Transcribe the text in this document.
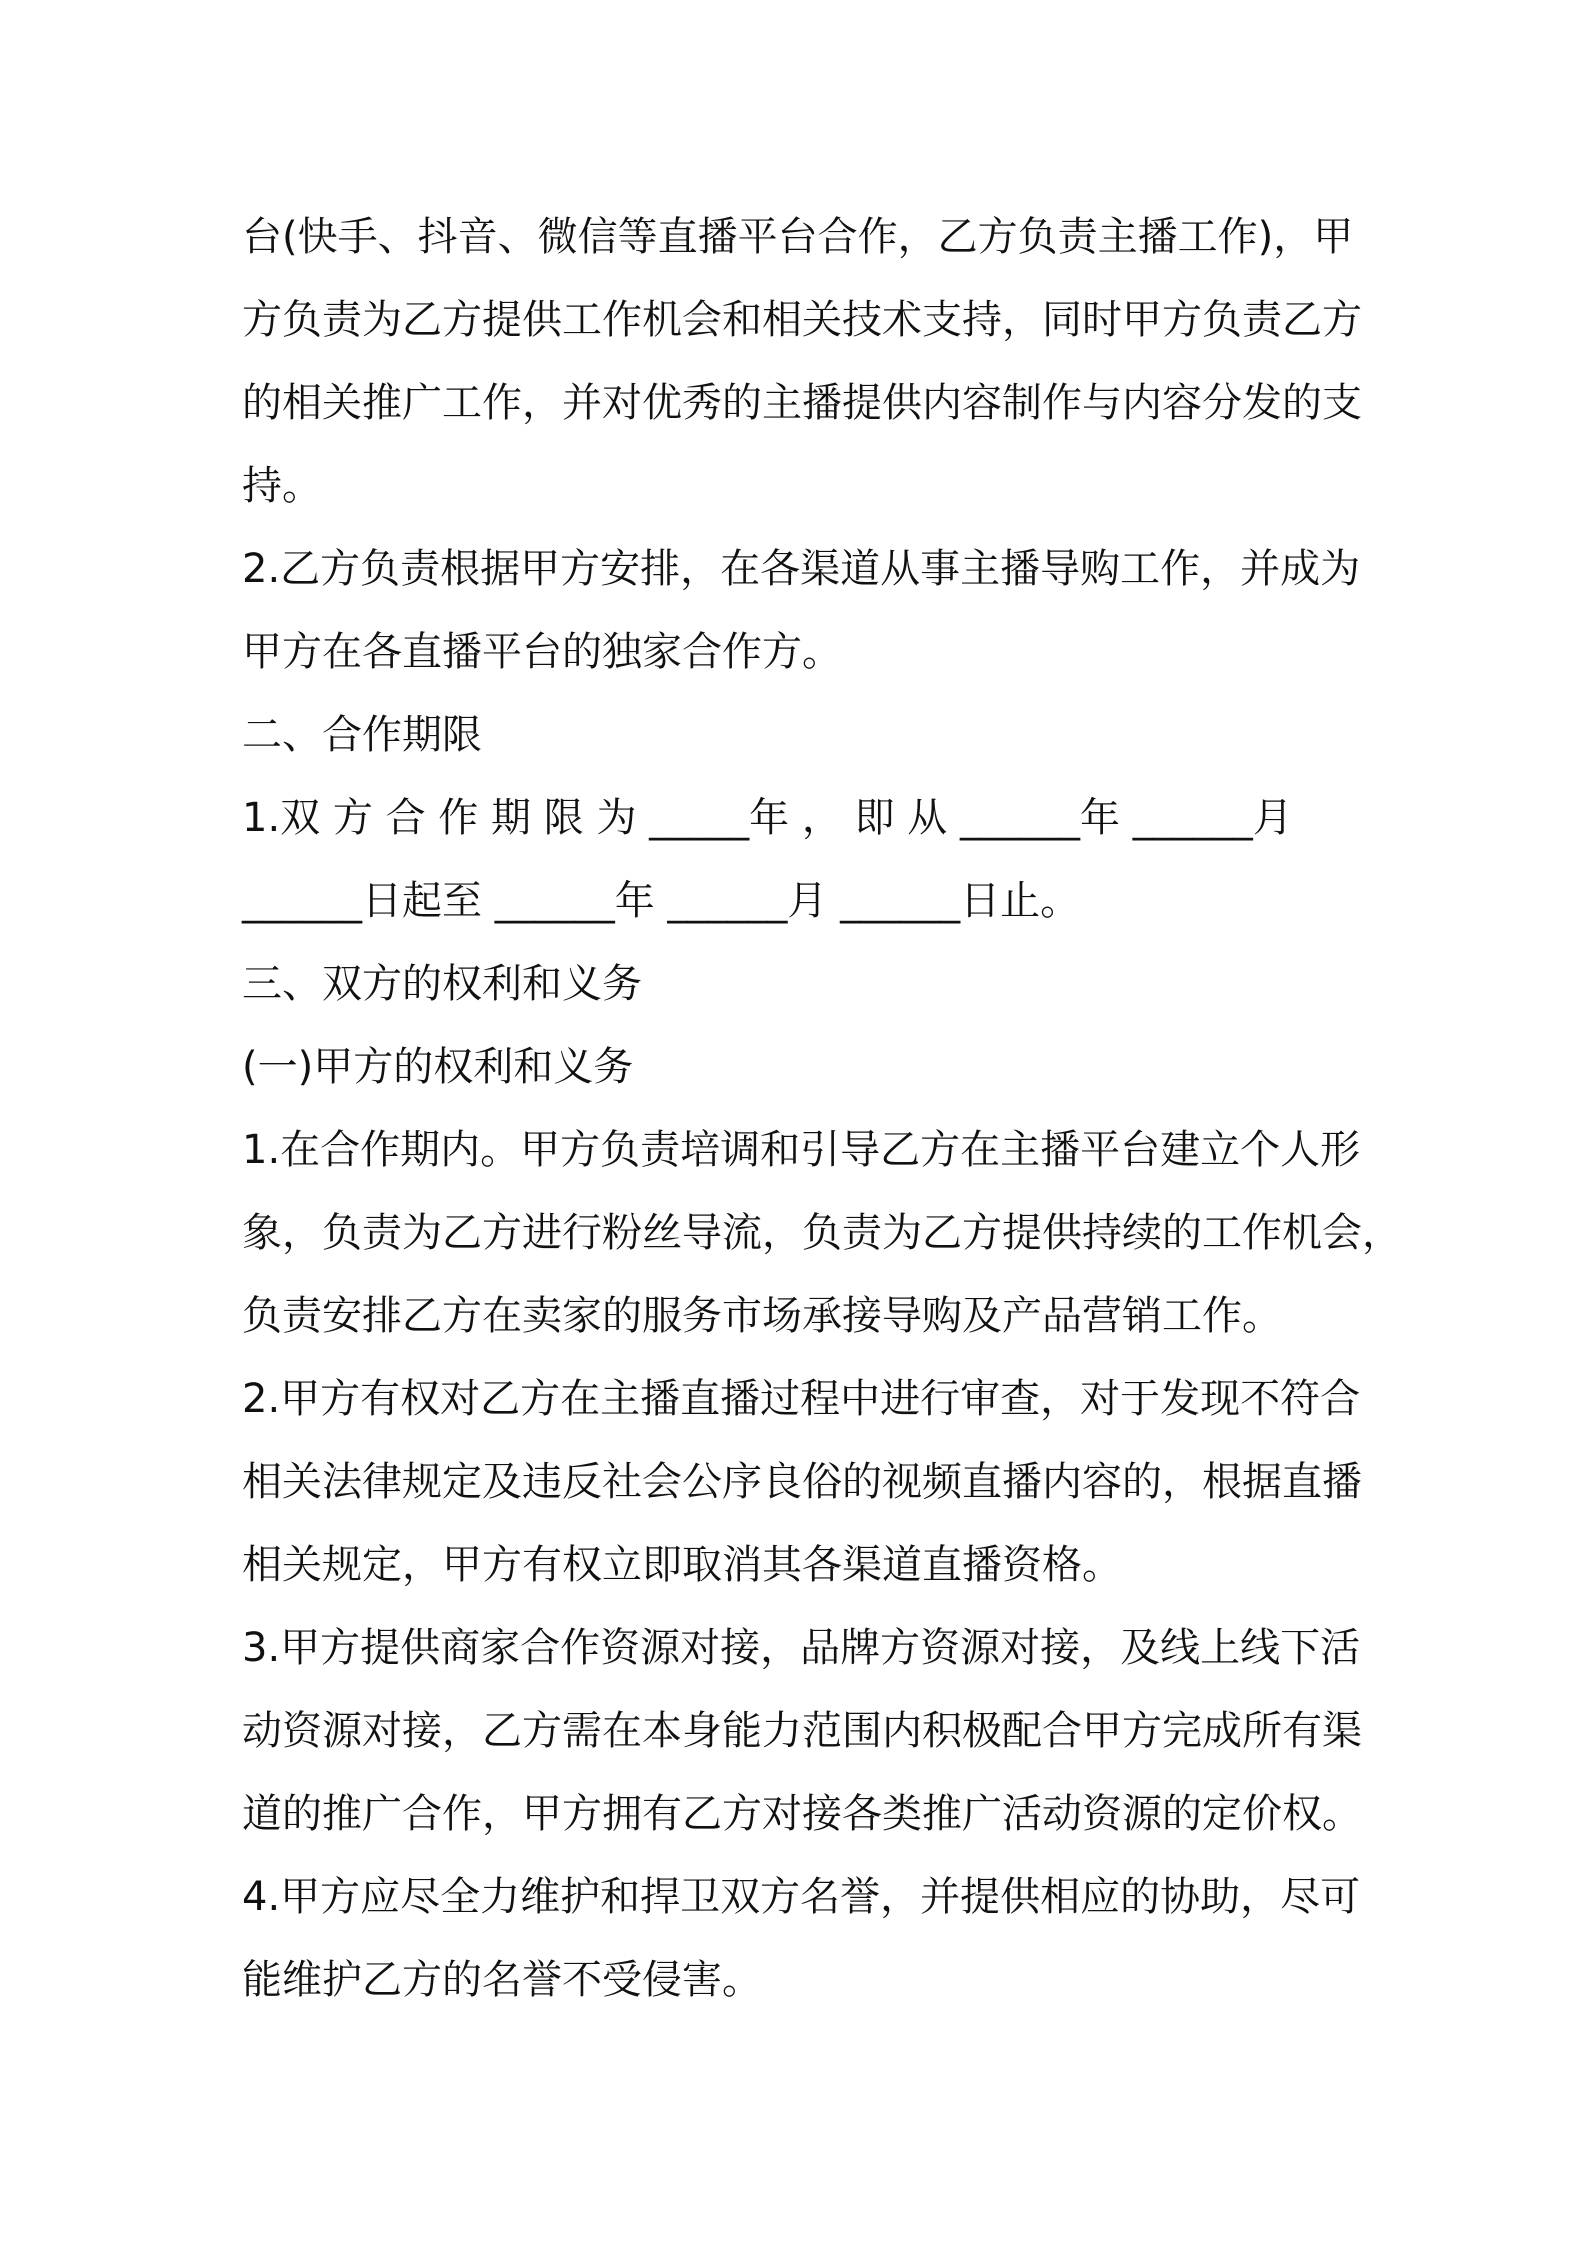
台(快手、抖音、微信等直播平台合作，乙方负责主播工作)，甲
方负责为乙方提供工作机会和相关技术支持，同时甲方负责乙方
的相关推广工作，并对优秀的主播提供内容制作与内容分发的支
持。
2.乙方负责根据甲方安排，在各渠道从事主播导购工作，并成为
甲方在各直播平台的独家合作方。
二、合作期限
1.双 方 合 作 期 限 为 _____年 ， 即 从 ______年 ______月
______日起至 ______年 ______月 ______日止。
三、双方的权利和义务
(一)甲方的权利和义务
1.在合作期内。甲方负责培调和引导乙方在主播平台建立个人形
象，负责为乙方进行粉丝导流，负责为乙方提供持续的工作机会，
负责安排乙方在卖家的服务市场承接导购及产品营销工作。
2.甲方有权对乙方在主播直播过程中进行审查，对于发现不符合
相关法律规定及违反社会公序良俗的视频直播内容的，根据直播
相关规定，甲方有权立即取消其各渠道直播资格。
3.甲方提供商家合作资源对接，品牌方资源对接，及线上线下活
动资源对接，乙方需在本身能力范围内积极配合甲方完成所有渠
道的推广合作，甲方拥有乙方对接各类推广活动资源的定价权。
4.甲方应尽全力维护和捍卫双方名誉，并提供相应的协助，尽可
能维护乙方的名誉不受侵害。
